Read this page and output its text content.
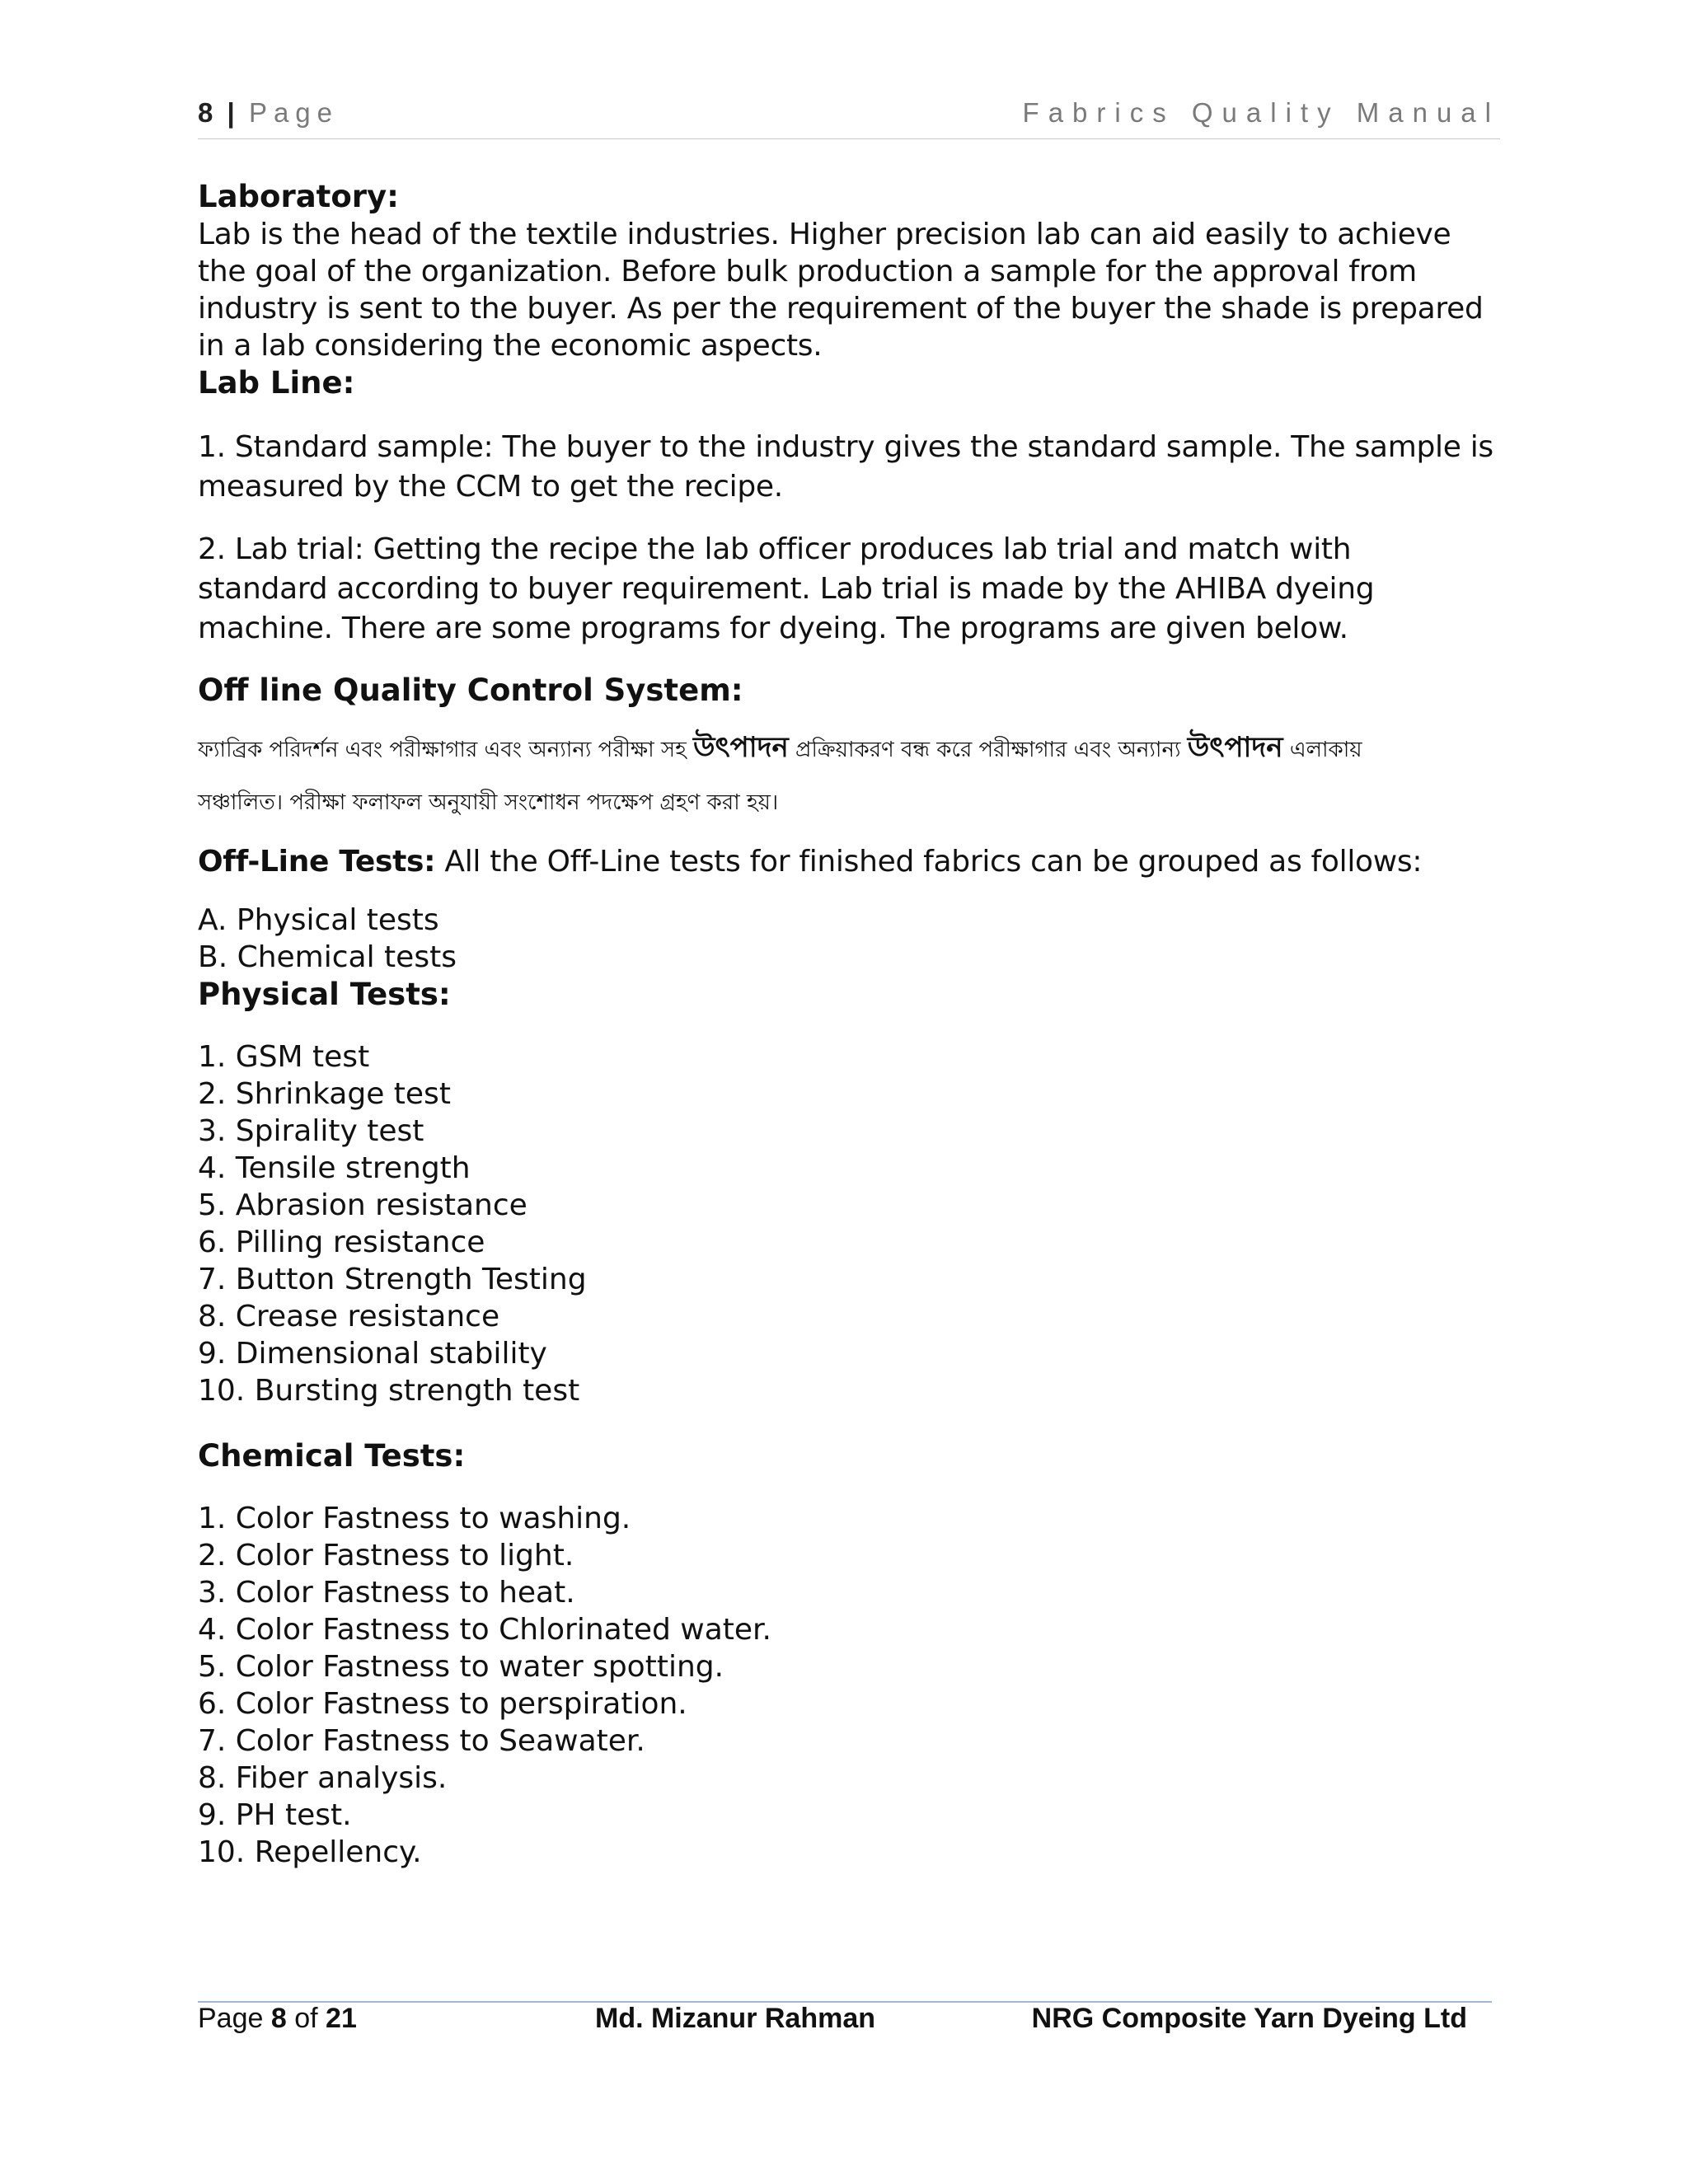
8 | Page	Fabrics Quality Manual

Laboratory:

Lab is the head of the textile industries. Higher precision lab can aid easily to achieve

the goal of the organization. Before bulk production a sample for the approval from

industry is sent to the buyer. As per the requirement of the buyer the shade is prepared

in a lab considering the economic aspects.

Lab Line:

1. Standard sample: The buyer to the industry gives the standard sample. The sample is

measured by the CCM to get the recipe.

2. Lab trial: Getting the recipe the lab officer produces lab trial and match with

standard according to buyer requirement. Lab trial is made by the AHIBA dyeing

machine. There are some programs for dyeing. The programs are given below.

Off line Quality Control System:

ফ্যাব্রিক পরিদর্শন এবং পরীক্ষাগার এবং অন্যান্য পরীক্ষা সহ উৎপাদন প্রক্রিয়াকরণ বন্ধ করে পরীক্ষাগার এবং অন্যান্য উৎপাদন এলাকায়

সঞ্চালিত। পরীক্ষা ফলাফল অনুযায়ী সংশোধন পদক্ষেপ গ্রহণ করা হয়।

Off-Line Tests: All the Off-Line tests for finished fabrics can be grouped as follows:

A. Physical tests

B. Chemical tests

Physical Tests:

1. GSM test

2. Shrinkage test

3. Spirality test

4. Tensile strength

5. Abrasion resistance

6. Pilling resistance

7. Button Strength Testing

8. Crease resistance

9. Dimensional stability

10. Bursting strength test

Chemical Tests:

1. Color Fastness to washing.

2. Color Fastness to light.

3. Color Fastness to heat.

4. Color Fastness to Chlorinated water.

5. Color Fastness to water spotting.

6. Color Fastness to perspiration.

7. Color Fastness to Seawater.

8. Fiber analysis.

9. PH test.

10. Repellency.

Page 8 of 21	Md. Mizanur Rahman	NRG Composite Yarn Dyeing Ltd
